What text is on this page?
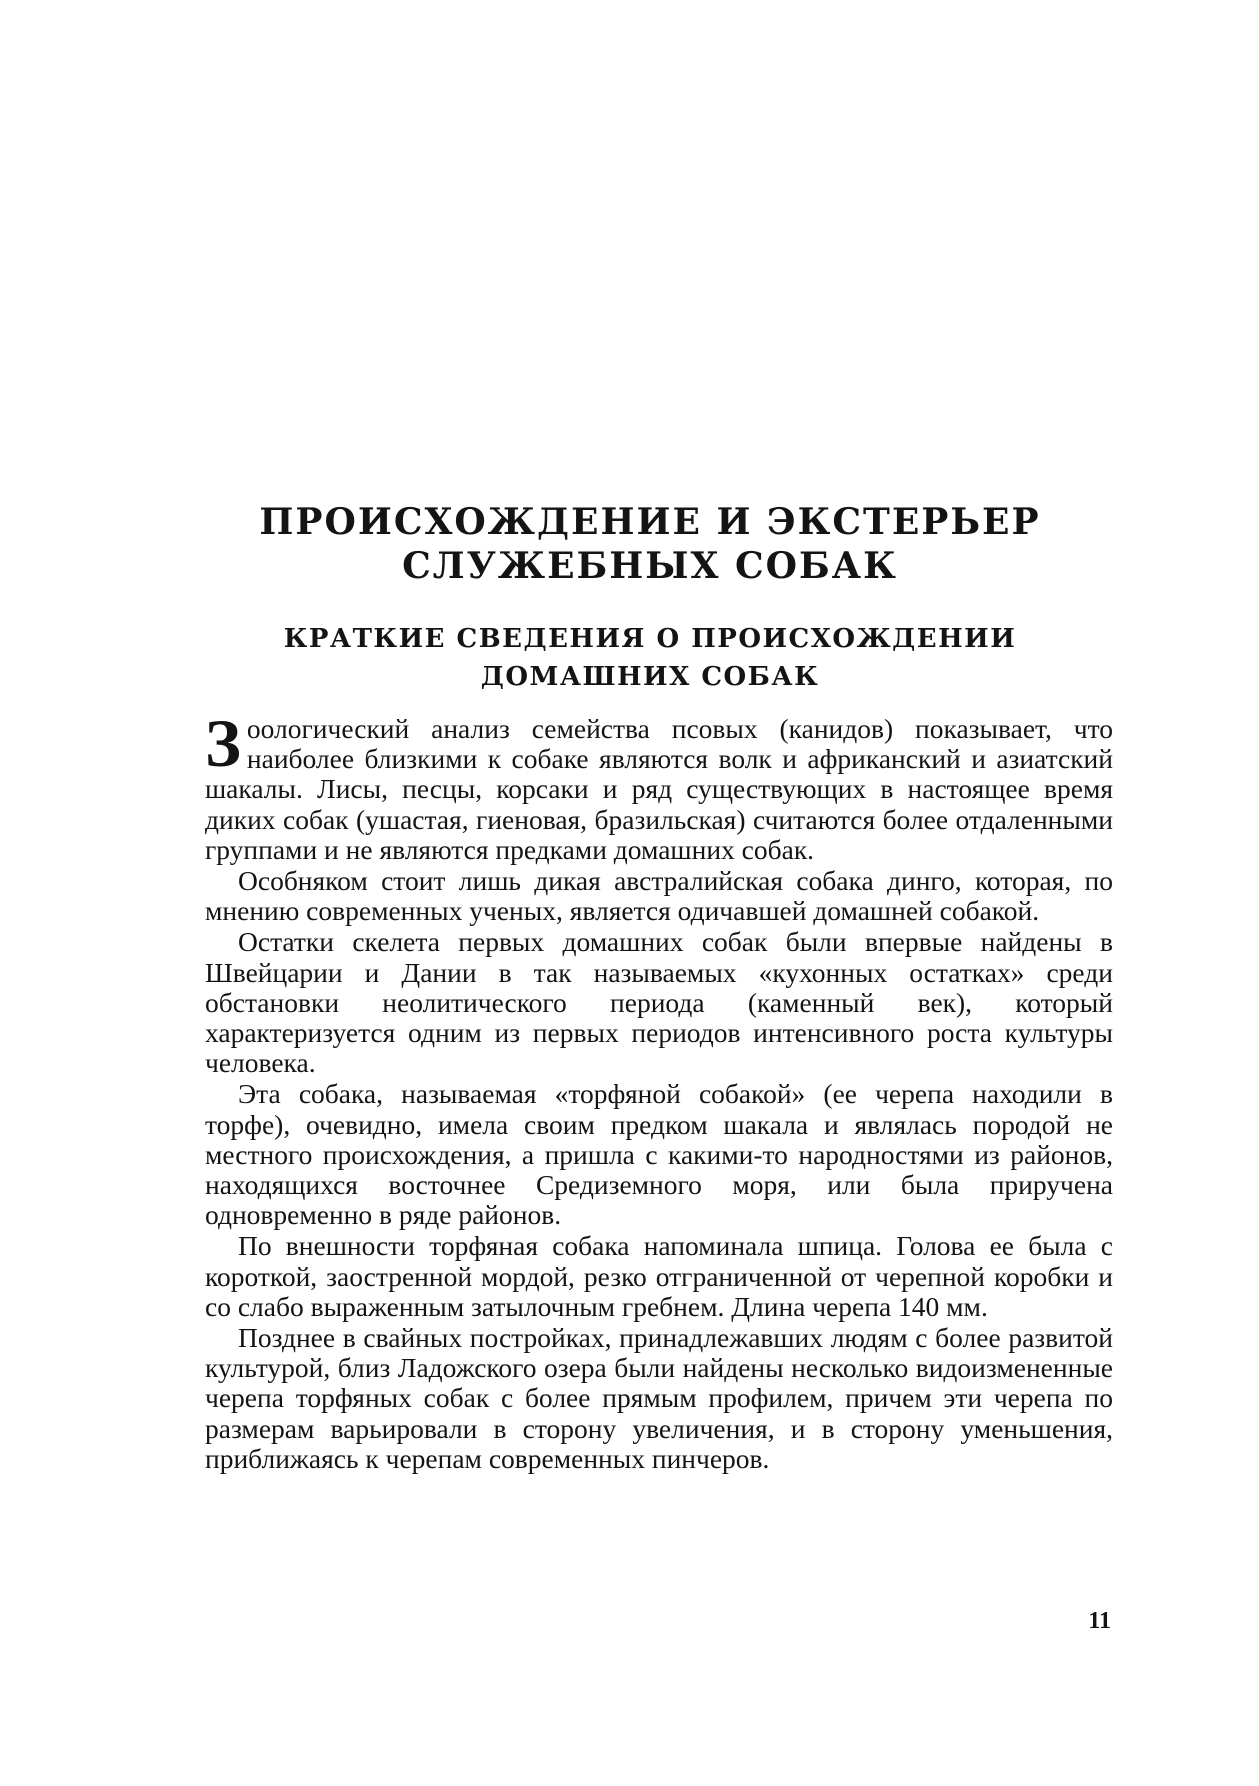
ПРОИСХОЖДЕНИЕ И ЭКСТЕРЬЕР
СЛУЖЕБНЫХ СОБАК
КРАТКИЕ СВЕДЕНИЯ О ПРОИСХОЖДЕНИИ
ДОМАШНИХ СОБАК

Зоологический анализ семейства псовых (канидов) показывает, что наиболее близкими к собаке являются волк и африканский и азиатский шакалы. Лисы, песцы, корсаки и ряд существующих в настоящее время диких собак (ушастая, гиеновая, бразильская) считаются более отдаленными группами и не являются предками домашних собак.

Особняком стоит лишь дикая австралийская собака динго, которая, по мнению современных ученых, является одичавшей домашней собакой.

Остатки скелета первых домашних собак были впервые найдены в Швейцарии и Дании в так называемых «кухонных остатках» среди обстановки неолитического периода (каменный век), который характеризуется одним из первых периодов интенсивного роста культуры человека.

Эта собака, называемая «торфяной собакой» (ее черепа находили в торфе), очевидно, имела своим предком шакала и являлась породой не местного происхождения, а пришла с какими-то народностями из районов, находящихся восточнее Средиземного моря, или была приручена одновременно в ряде районов.

По внешности торфяная собака напоминала шпица. Голова ее была с короткой, заостренной мордой, резко отграниченной от черепной коробки и со слабо выраженным затылочным гребнем. Длина черепа 140 мм.

Позднее в свайных постройках, принадлежавших людям с более развитой культурой, близ Ладожского озера были найдены несколько видоизмененные черепа торфяных собак с более прямым профилем, причем эти черепа по размерам варьировали в сторону увеличения, и в сторону уменьшения, приближаясь к черепам современных пинчеров.

11
